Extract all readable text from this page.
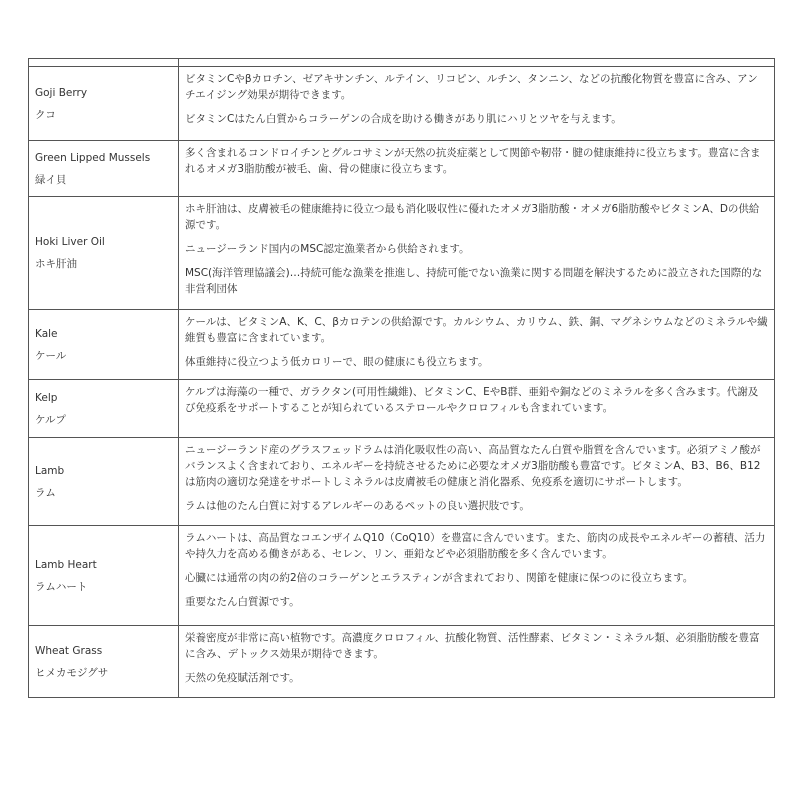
Goji Berry
クコ

ビタミンCやβカロチン、ゼアキサンチン、ルテイン、リコピン、ルチン、タンニン、などの抗酸化物質を豊富に含み、アンチエイジング効果が期待できます。

ビタミンCはたん白質からコラーゲンの合成を助ける働きがあり肌にハリとツヤを与えます。

Green Lipped Mussels
緑イ貝

多く含まれるコンドロイチンとグルコサミンが天然の抗炎症薬として関節や靭帯・腱の健康維持に役立ちます。豊富に含まれるオメガ3脂肪酸が被毛、歯、骨の健康に役立ちます。

Hoki Liver Oil
ホキ肝油

ホキ肝油は、皮膚被毛の健康維持に役立つ最も消化吸収性に優れたオメガ3脂肪酸・オメガ6脂肪酸やビタミンA、Dの供給源です。

ニュージーランド国内のMSC認定漁業者から供給されます。

MSC(海洋管理協議会)…持続可能な漁業を推進し、持続可能でない漁業に関する問題を解決するために設立された国際的な非営利団体

Kale
ケール

ケールは、ビタミンA、K、C、βカロテンの供給源です。カルシウム、カリウム、鉄、銅、マグネシウムなどのミネラルや繊維質も豊富に含まれています。

体重維持に役立つよう低カロリーで、眼の健康にも役立ちます。

Kelp
ケルプ

ケルプは海藻の一種で、ガラクタン(可用性繊維)、ビタミンC、EやB群、亜鉛や銅などのミネラルを多く含みます。代謝及び免疫系をサポートすることが知られているステロールやクロロフィルも含まれています。

Lamb
ラム

ニュージーランド産のグラスフェッドラムは消化吸収性の高い、高品質なたん白質や脂質を含んでいます。必須アミノ酸がバランスよく含まれており、エネルギーを持続させるために必要なオメガ3脂肪酸も豊富です。ビタミンA、B3、B6、B12は筋肉の適切な発達をサポートしミネラルは皮膚被毛の健康と消化器系、免疫系を適切にサポートします。

ラムは他のたん白質に対するアレルギーのあるペットの良い選択肢です。

Lamb Heart
ラムハート

ラムハートは、高品質なコエンザイムQ10（CoQ10）を豊富に含んでいます。また、筋肉の成長やエネルギーの蓄積、活力や持久力を高める働きがある、セレン、リン、亜鉛などや必須脂肪酸を多く含んでいます。

心臓には通常の肉の約2倍のコラーゲンとエラスティンが含まれており、関節を健康に保つのに役立ちます。

重要なたん白質源です。

Wheat Grass
ヒメカモジグサ

栄養密度が非常に高い植物です。高濃度クロロフィル、抗酸化物質、活性酵素、ビタミン・ミネラル類、必須脂肪酸を豊富に含み、デトックス効果が期待できます。

天然の免疫賦活剤です。
